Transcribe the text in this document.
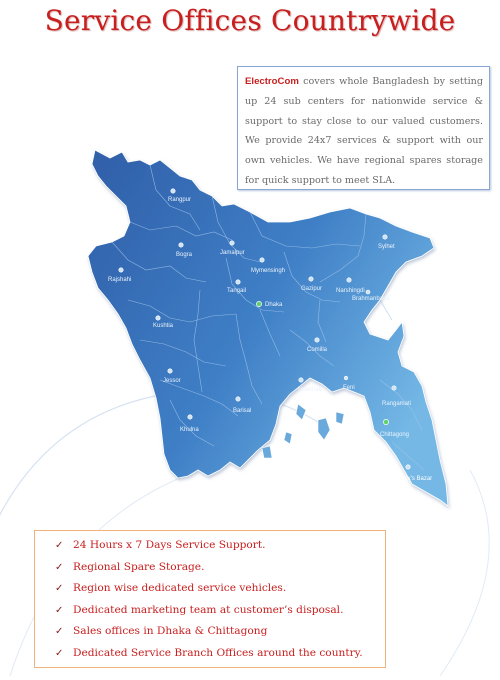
Service Offices Countrywide
Rangpur
Bogra	Jamalpur
Rajshahi
Sylhet
Mymensingh
Tangail
Dhaka
Gazipur Narshingdi
Brahmanbaria
Kushtia
Comilla
Jessor
Noakhali	Feni
Barisal
Khulna
Rangamati
Chittagong
Cox's Bazar
ElectroCom covers whole Bangladesh by setting up 24 sub centers for nationwide service & support to stay close to our valued customers. We provide 24x7 services & support with our own vehicles. We have regional spares storage for quick support to meet SLA.
✓ 24 Hours x 7 Days Service Support.
✓ Regional Spare Storage.
✓ Region wise dedicated service vehicles.
✓ Dedicated marketing team at customer’s disposal.
✓ Sales offices in Dhaka & Chittagong
✓ Dedicated Service Branch Offices around the country.
